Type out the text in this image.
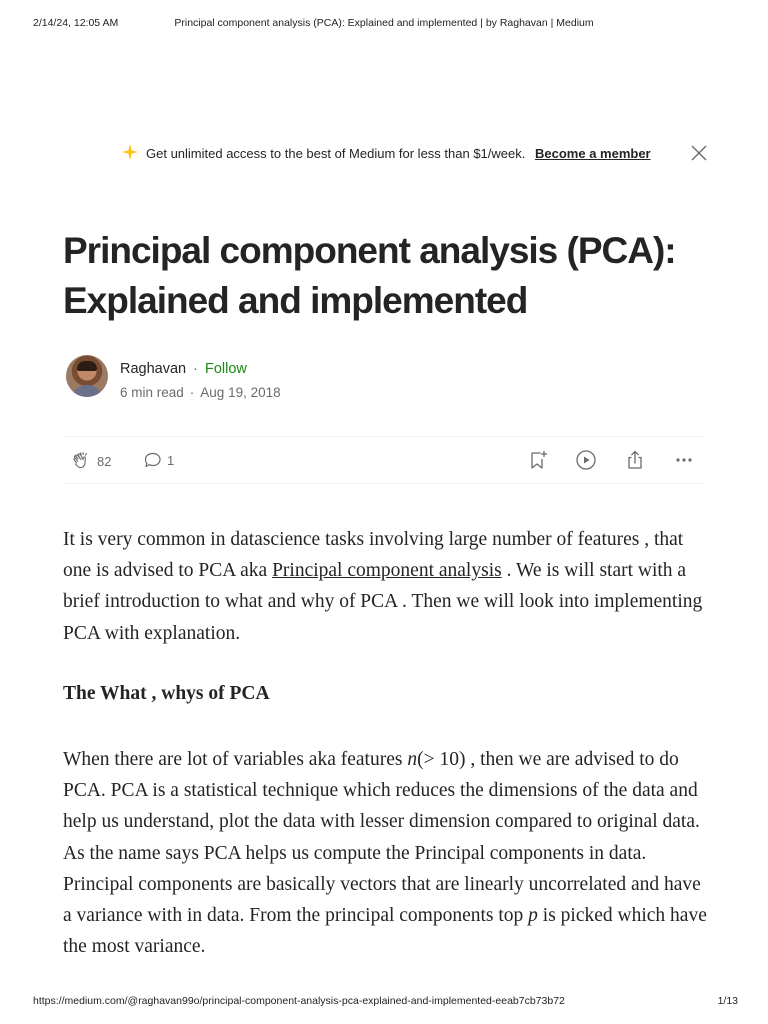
2/14/24, 12:05 AM	Principal component analysis (PCA): Explained and implemented | by Raghavan | Medium
Get unlimited access to the best of Medium for less than $1/week. Become a member
Principal component analysis (PCA): Explained and implemented
Raghavan · Follow
6 min read · Aug 19, 2018
82	1

It is very common in datascience tasks involving large number of features , that one is advised to PCA aka Principal component analysis . We is will start with a brief introduction to what and why of PCA . Then we will look into implementing PCA with explanation.

The What , whys of PCA

When there are lot of variables aka features n(> 10) , then we are advised to do PCA. PCA is a statistical technique which reduces the dimensions of the data and help us understand, plot the data with lesser dimension compared to original data. As the name says PCA helps us compute the Principal components in data. Principal components are basically vectors that are linearly uncorrelated and have a variance with in data. From the principal components top p is picked which have the most variance.

https://medium.com/@raghavan99o/principal-component-analysis-pca-explained-and-implemented-eeab7cb73b72	1/13
